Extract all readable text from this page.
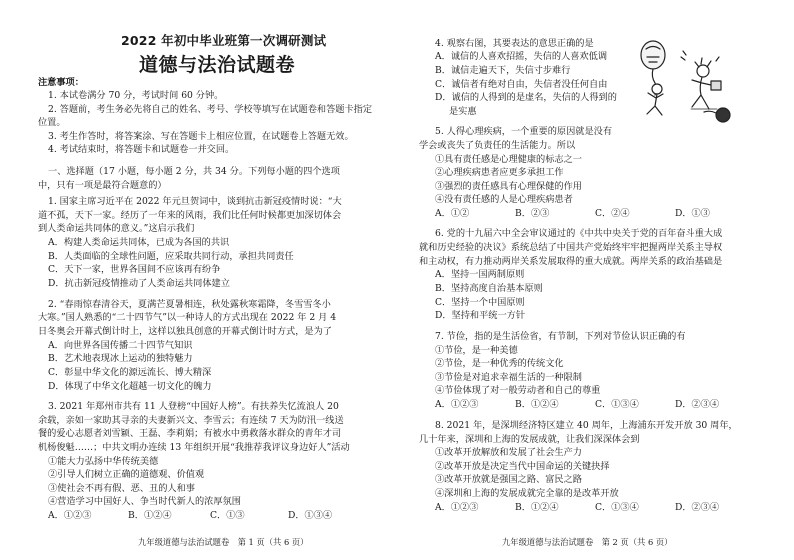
2022 年初中毕业班第一次调研测试
道德与法治试题卷
注意事项：
1. 本试卷满分 70 分，考试时间 60 分钟。
2. 答题前，考生务必先将自己的姓名、考号、学校等填写在试题卷和答题卡指定
位置。
3. 考生作答时，将答案涂、写在答题卡上相应位置，在试题卷上答题无效。
4. 考试结束时，将答题卡和试题卷一并交回。
一、选择题（17 小题，每小题 2 分，共 34 分。下列每小题的四个选项
中，只有一项是最符合题意的）
1. 国家主席习近平在 2022 年元旦贺词中，谈到抗击新冠疫情时说：“大
道不孤，天下一家。经历了一年来的风雨，我们比任何时候都更加深切体会
到人类命运共同体的意义。”这启示我们
A．构建人类命运共同体，已成为各国的共识
B．人类面临的全球性问题，应采取共同行动，承担共同责任
C．天下一家，世界各国间不应该再有纷争
D．抗击新冠疫情推动了人类命运共同体建立
2. “春雨惊春清谷天，夏满芒夏暑相连，秋处露秋寒霜降，冬雪雪冬小
大寒。”国人熟悉的“二十四节气”以一种诗人的方式出现在 2022 年 2 月 4
日冬奥会开幕式倒计时上，这样以独具创意的开幕式倒计时方式，是为了
A．向世界各国传播二十四节气知识
B．艺术地表现冰上运动的独特魅力
C．彰显中华文化的源远流长、博大精深
D．体现了中华文化超越一切文化的魄力
3. 2021 年郑州市共有 11 人登榜“中国好人榜”。有扶养失忆流浪人 20
余载，亲如一家助其寻亲的夫妻新兴文、李雪云；有连续 7 天为防汛一线送
餐的爱心志愿者刘雪颖、王磊、李莉娟；有被水中勇救落水群众的青年才司
机杨俊魁……；中共文明办连续 13 年组织开展“我推荐我评议身边好人”活动
①能大力弘扬中华传统美德
②引导人们树立正确的道德观、价值观
③使社会不再有假、恶、丑的人和事
④营造学习中国好人、争当时代新人的浓厚氛围
A．①②③	B．①②④	C．①③	D．①③④
九年级道德与法治试题卷　第 1 页（共 6 页）
4. 观察右图，其要表达的意思正确的是
A．诚信的人喜欢招摇，失信的人喜欢低调
B．诚信走遍天下，失信寸步难行
C．诚信者有绝对自由，失信者没任何自由
D．诚信的人得到的是虚名，失信的人得到的
是实惠
5. 人得心理疾病，一个重要的原因就是没有
学会或丧失了负责任的生活能力。所以
①具有责任感是心理健康的标志之一
②心理疾病患者应更多承担工作
③强烈的责任感具有心理保健的作用
④没有责任感的人是心理疾病患者
A．①②	B．②③	C．②④	D．①③
6. 党的十九届六中全会审议通过的《中共中央关于党的百年奋斗重大成
就和历史经验的决议》系统总结了中国共产党始终牢牢把握两岸关系主导权
和主动权，有力推动两岸关系发展取得的重大成就。两岸关系的政治基础是
A．坚持一国两制原则
B．坚持高度自治基本原则
C．坚持一个中国原则
D．坚持和平统一方针
7. 节俭，指的是生活俭省，有节制，下列对节俭认识正确的有
①节俭，是一种美德
②节俭，是一种优秀的传统文化
③节俭是对追求幸福生活的一种限制
④节俭体现了对一般劳动者和自己的尊重
A．①②③	B．①②④	C．①③④	D．②③④
8. 2021 年，是深圳经济特区建立 40 周年，上海浦东开发开放 30 周年，
几十年来，深圳和上海的发展成就，让我们深深体会到
①改革开放解放和发展了社会生产力
②改革开放是决定当代中国命运的关键抉择
③改革开放就是强国之路、富民之路
④深圳和上海的发展成就完全靠的是改革开放
A．①②③	B．①②④	C．①③④	D．②③④
九年级道德与法治试题卷　第 2 页（共 6 页）
